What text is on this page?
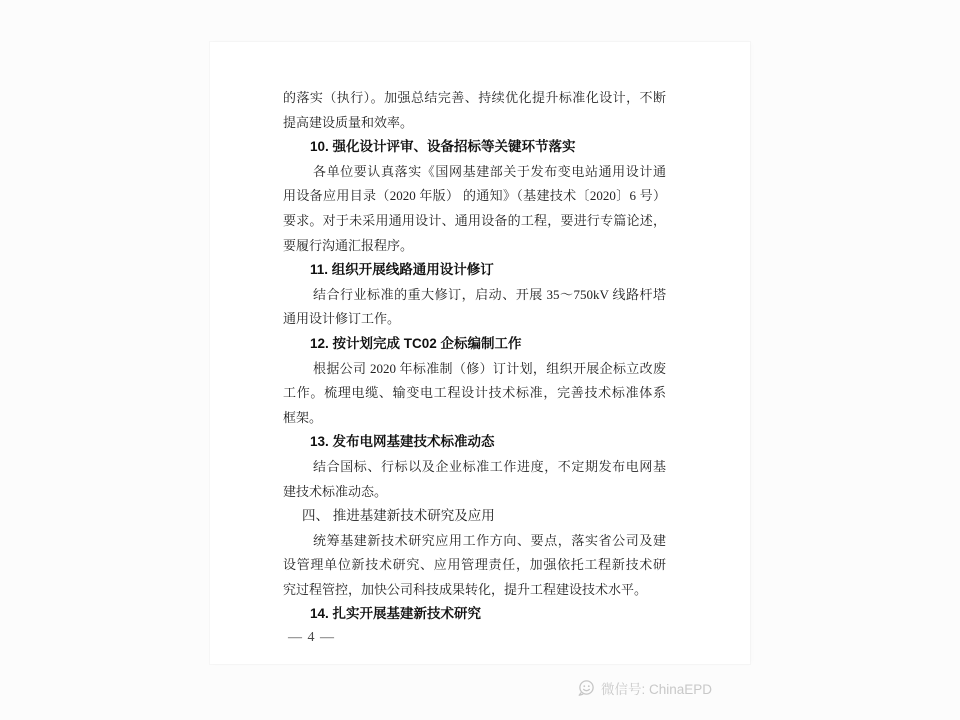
的落实（执行）。加强总结完善、持续优化提升标准化设计，不断
提高建设质量和效率。
10. 强化设计评审、设备招标等关键环节落实
各单位要认真落实《国网基建部关于发布变电站通用设计通
用设备应用目录（2020 年版） 的通知》（基建技术〔2020〕6 号）
要求。对于未采用通用设计、通用设备的工程，要进行专篇论述，
要履行沟通汇报程序。
11. 组织开展线路通用设计修订
结合行业标准的重大修订，启动、开展 35～750kV 线路杆塔
通用设计修订工作。
12. 按计划完成 TC02 企标编制工作
根据公司 2020 年标准制（修）订计划，组织开展企标立改废
工作。梳理电缆、输变电工程设计技术标准，完善技术标准体系
框架。
13. 发布电网基建技术标准动态
结合国标、行标以及企业标准工作进度，不定期发布电网基
建技术标准动态。
四、 推进基建新技术研究及应用
统筹基建新技术研究应用工作方向、要点，落实省公司及建
设管理单位新技术研究、应用管理责任，加强依托工程新技术研
究过程管控，加快公司科技成果转化，提升工程建设技术水平。
14. 扎实开展基建新技术研究
— 4 —
微信号: ChinaEPD
